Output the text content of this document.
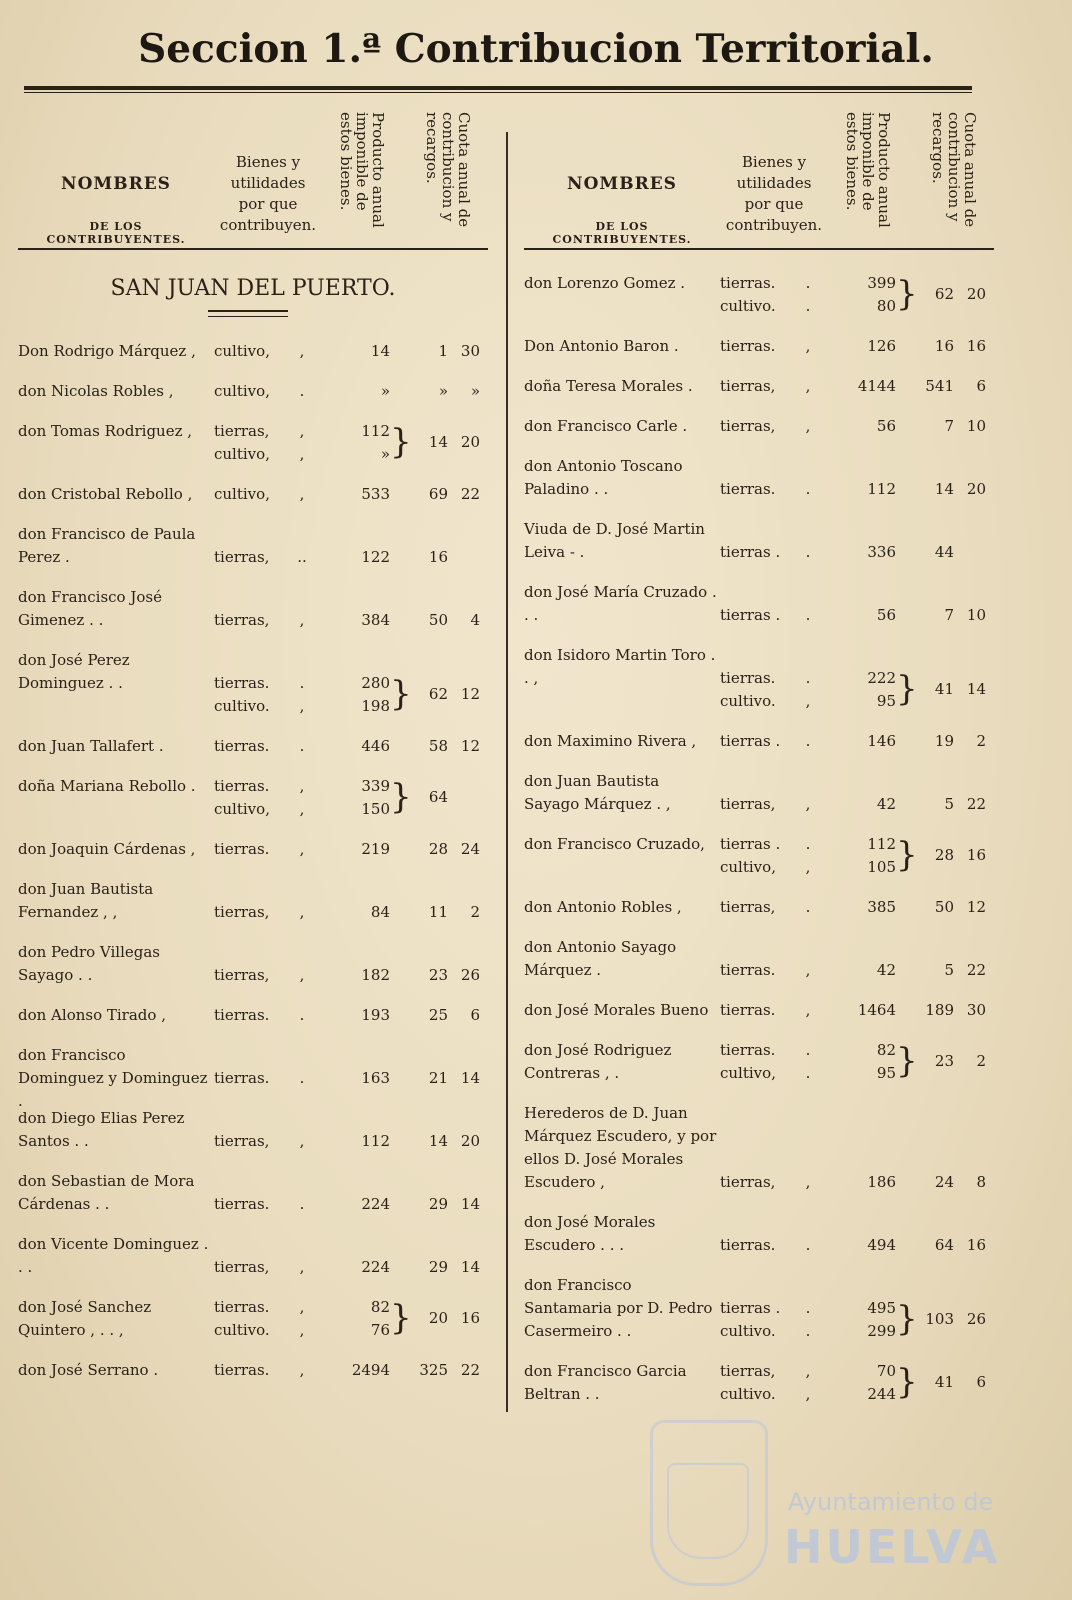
Seccion 1.ª Contribucion Territorial.
NOMBRES
DE LOS CONTRIBUYENTES.
Bienes y utilidades por que contribuyen.	Producto anual imponible de estos bienes.	Cuota anual de contribucion y recargos.
SAN JUAN DEL PUERTO.
Don Rodrigo Márquez ,	cultivo,	,	14	1 30
don Nicolas Robles ,	cultivo,	.	»	»	»
don Tomas Rodriguez ,	tierras,	,	112
cultivo,	,	» }	14 20
don Cristobal Rebollo ,	cultivo,	,	533	69 22
don Francisco de Paula Perez .	tierras,	..	122	16
don Francisco José Gimenez . .	tierras,	,	384	50	4
don José Perez Dominguez . .	tierras.	.	280
cultivo.	,	198 }	62 12
don Juan Tallafert .	tierras.	.	446	58 12
doña Mariana Rebollo .	tierras.	,	339
cultivo,	,	150 }	64
don Joaquin Cárdenas ,	tierras.	,	219	28 24
don Juan Bautista Fernandez , ,	tierras,	,	84	11	2
don Pedro Villegas Sayago . .	tierras,	,	182	23 26
don Alonso Tirado ,	tierras.	.	193	25	6
don Francisco Dominguez y Dominguez .
tierras.	.	163	21 14
don Diego Elias Perez Santos . .	tierras,	,	112	14 20
don Sebastian de Mora Cárdenas . .	tierras.	.	224	29 14
don Vicente Dominguez . . .	tierras,	,	224	29 14
don José Sanchez Quintero , . . ,
tierras.	,	82
cultivo.	,	76 }	20 16
don José Serrano .	tierras.	,	2494	325 22
NOMBRES
DE LOS CONTRIBUYENTES.
Bienes y utilidades por que contribuyen.	Producto anual imponible de estos bienes.	Cuota anual de contribucion y recargos.
don Lorenzo Gomez .	tierras.	.	399
cultivo.	.	80 }	62 20
Don Antonio Baron .	tierras.	,	126	16 16
doña Teresa Morales .	tierras,	,	4144	541	6
don Francisco Carle .	tierras,	,	56	7 10
don Antonio Toscano Paladino . .	tierras.	.	112	14 20
Viuda de D. José Martin Leiva - .	tierras .	.	336	44
don José María Cruzado . . .	tierras .	.	56	7 10
don Isidoro Martin Toro . . ,	tierras.	.	222
cultivo.	,	95 }	41 14
don Maximino Rivera ,	tierras .	.	146	19	2
don Juan Bautista Sayago Márquez . ,	tierras,	,	42	5 22
don Francisco Cruzado,	tierras .	.	112
cultivo,	,	105 }	28 16
don Antonio Robles ,	tierras,	.	385	50 12
don Antonio Sayago Márquez .	tierras.	,	42	5 22
don José Morales Bueno tierras.	,	1464	189 30
don José Rodriguez Contreras , .
tierras.	.	82
cultivo,	.	95 }	23	2
Herederos de D. Juan Márquez Escudero, y por ellos D. José Morales Escudero ,	tierras,	,	186	24	8
don José Morales Escudero . . .	tierras.	.	494	64 16
don Francisco Santamaria por D. Pedro Casermeiro . .
tierras .	.	495
cultivo.	.	299 } 103 26
don Francisco Garcia Beltran . .
tierras,	,	70
cultivo.	,	244 }	41	6
Ayuntamiento de
HUELVA
